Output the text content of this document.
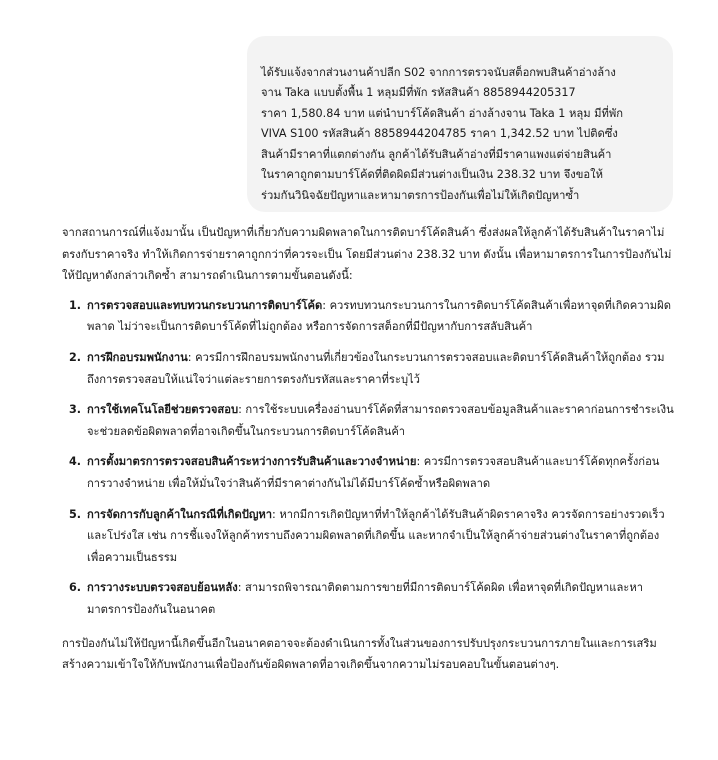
ได้รับแจ้งจากส่วนงานค้าปลีก S02 จากการตรวจนับสต็อกพบสินค้าอ่างล้าง
จาน Taka แบบตั้งพื้น 1 หลุมมีที่พัก รหัสสินค้า 8858944205317
ราคา 1,580.84 บาท แต่นำบาร์โค้ดสินค้า อ่างล้างจาน Taka 1 หลุม มีที่พัก
VIVA S100 รหัสสินค้า 8858944204785 ราคา 1,342.52 บาท ไปติดซึ่ง
สินค้ามีราคาที่แตกต่างกัน ลูกค้าได้รับสินค้าอ่างที่มีราคาแพงแต่จ่ายสินค้า
ในราคาถูกตามบาร์โค้ดที่ติดผิดมีส่วนต่างเป็นเงิน 238.32 บาท จึงขอให้
ร่วมกันวินิจฉัยปัญหาและหามาตรการป้องกันเพื่อไม่ให้เกิดปัญหาซ้ำ

จากสถานการณ์ที่แจ้งมานั้น เป็นปัญหาที่เกี่ยวกับความผิดพลาดในการติดบาร์โค้ดสินค้า ซึ่งส่งผลให้ลูกค้าได้รับสินค้าในราคาไม่ตรงกับราคาจริง ทำให้เกิดการจ่ายราคาถูกกว่าที่ควรจะเป็น โดยมีส่วนต่าง 238.32 บาท ดังนั้น เพื่อหามาตรการในการป้องกันไม่ให้ปัญหาดังกล่าวเกิดซ้ำ สามารถดำเนินการตามขั้นตอนดังนี้:

1. การตรวจสอบและทบทวนกระบวนการติดบาร์โค้ด: ควรทบทวนกระบวนการในการติดบาร์โค้ดสินค้าเพื่อหาจุดที่เกิดความผิดพลาด ไม่ว่าจะเป็นการติดบาร์โค้ดที่ไม่ถูกต้อง หรือการจัดการสต็อกที่มีปัญหากับการสลับสินค้า
2. การฝึกอบรมพนักงาน: ควรมีการฝึกอบรมพนักงานที่เกี่ยวข้องในกระบวนการตรวจสอบและติดบาร์โค้ดสินค้าให้ถูกต้อง รวมถึงการตรวจสอบให้แน่ใจว่าแต่ละรายการตรงกับรหัสและราคาที่ระบุไว้
3. การใช้เทคโนโลยีช่วยตรวจสอบ: การใช้ระบบเครื่องอ่านบาร์โค้ดที่สามารถตรวจสอบข้อมูลสินค้าและราคาก่อนการชำระเงิน จะช่วยลดข้อผิดพลาดที่อาจเกิดขึ้นในกระบวนการติดบาร์โค้ดสินค้า
4. การตั้งมาตรการตรวจสอบสินค้าระหว่างการรับสินค้าและวางจำหน่าย: ควรมีการตรวจสอบสินค้าและบาร์โค้ดทุกครั้งก่อนการวางจำหน่าย เพื่อให้มั่นใจว่าสินค้าที่มีราคาต่างกันไม่ได้มีบาร์โค้ดซ้ำหรือผิดพลาด
5. การจัดการกับลูกค้าในกรณีที่เกิดปัญหา: หากมีการเกิดปัญหาที่ทำให้ลูกค้าได้รับสินค้าผิดราคาจริง ควรจัดการอย่างรวดเร็วและโปร่งใส เช่น การชี้แจงให้ลูกค้าทราบถึงความผิดพลาดที่เกิดขึ้น และหากจำเป็นให้ลูกค้าจ่ายส่วนต่างในราคาที่ถูกต้องเพื่อความเป็นธรรม
6. การวางระบบตรวจสอบย้อนหลัง: สามารถพิจารณาติดตามการขายที่มีการติดบาร์โค้ดผิด เพื่อหาจุดที่เกิดปัญหาและหามาตรการป้องกันในอนาคต

การป้องกันไม่ให้ปัญหานี้เกิดขึ้นอีกในอนาคตอาจจะต้องดำเนินการทั้งในส่วนของการปรับปรุงกระบวนการภายในและการเสริมสร้างความเข้าใจให้กับพนักงานเพื่อป้องกันข้อผิดพลาดที่อาจเกิดขึ้นจากความไม่รอบคอบในขั้นตอนต่างๆ.
